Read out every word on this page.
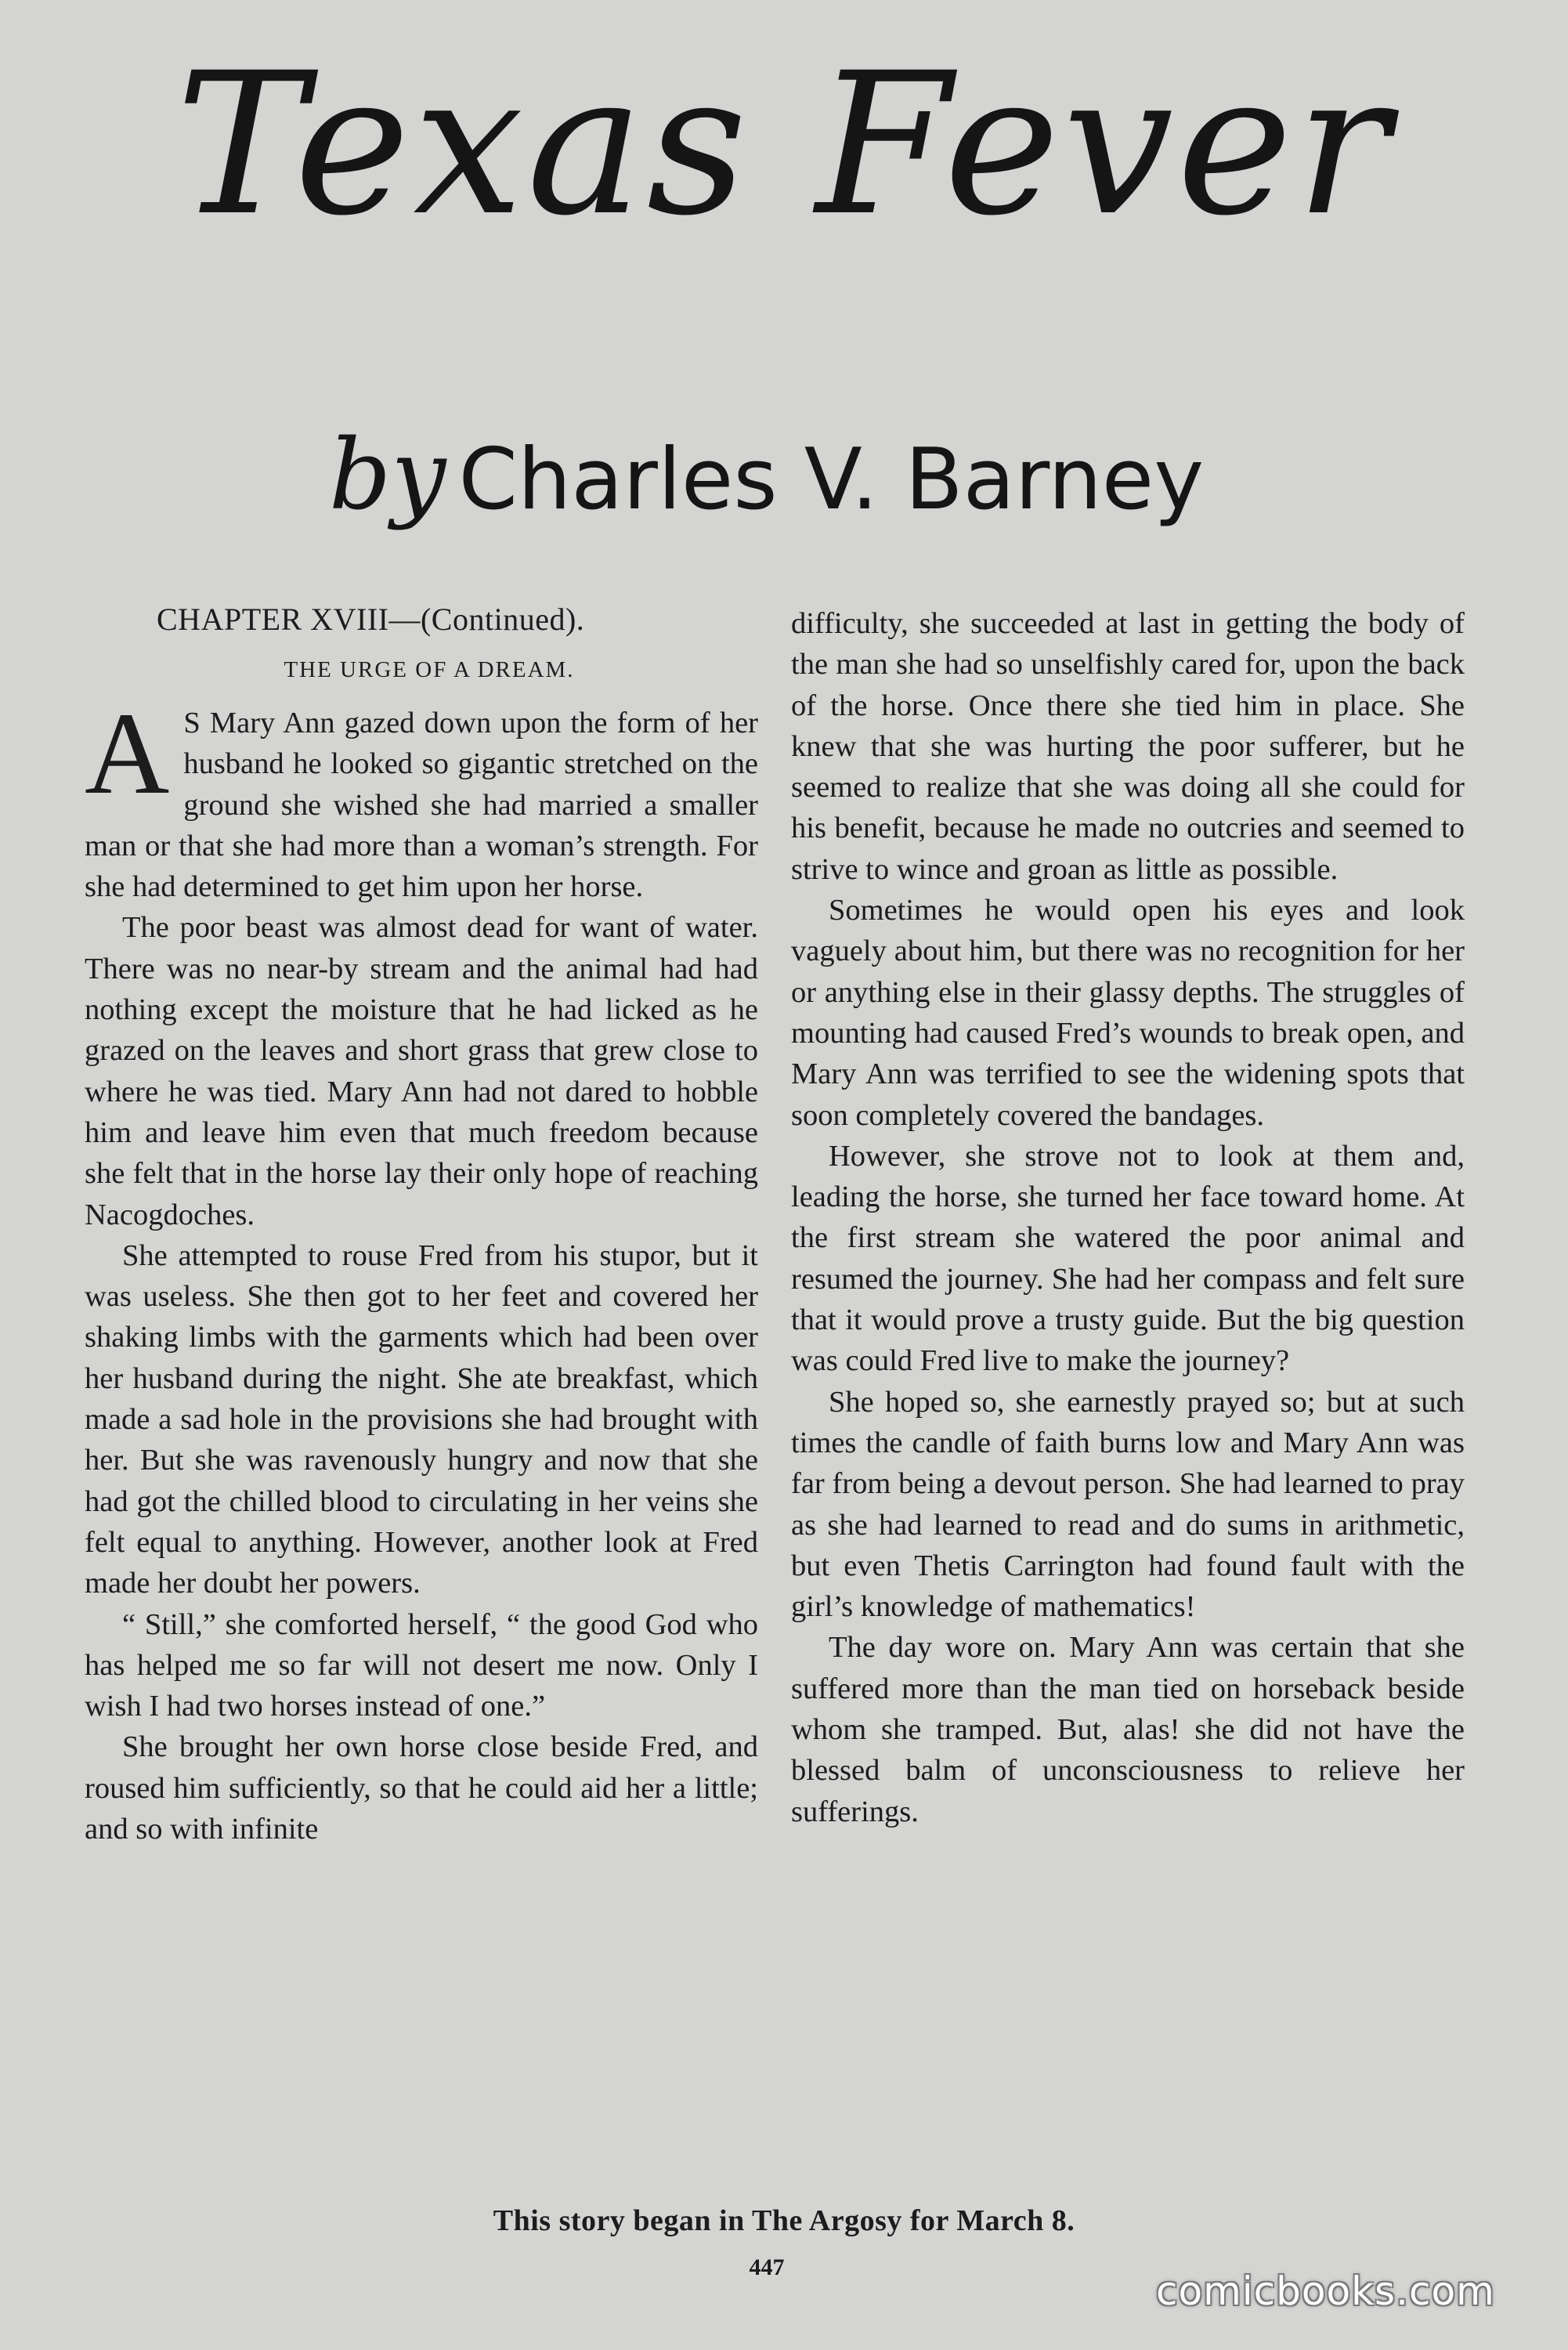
Texas Fever
by Charles V. Barney
CHAPTER XVIII—(Continued).
THE URGE OF A DREAM.

A S Mary Ann gazed down upon the form of her husband he looked so gigantic stretched on the ground she wished she had married a smaller man or that she had more than a woman’s strength. For she had determined to get him upon her horse.

The poor beast was almost dead for want of water. There was no near-by stream and the animal had had nothing except the moisture that he had licked as he grazed on the leaves and short grass that grew close to where he was tied. Mary Ann had not dared to hobble him and leave him even that much freedom because she felt that in the horse lay their only hope of reaching Nacogdoches.

She attempted to rouse Fred from his stupor, but it was useless. She then got to her feet and covered her shaking limbs with the garments which had been over her husband during the night. She ate breakfast, which made a sad hole in the provisions she had brought with her. But she was ravenously hungry and now that she had got the chilled blood to circulating in her veins she felt equal to anything. However, another look at Fred made her doubt her powers.

“ Still,” she comforted herself, “ the good God who has helped me so far will not desert me now. Only I wish I had two horses instead of one.”

She brought her own horse close beside Fred, and roused him sufficiently, so that he could aid her a little; and so with infinite

difficulty, she succeeded at last in getting the body of the man she had so unselfishly cared for, upon the back of the horse. Once there she tied him in place. She knew that she was hurting the poor sufferer, but he seemed to realize that she was doing all she could for his benefit, because he made no outcries and seemed to strive to wince and groan as little as possible.

Sometimes he would open his eyes and look vaguely about him, but there was no recognition for her or anything else in their glassy depths. The struggles of mounting had caused Fred’s wounds to break open, and Mary Ann was terrified to see the widening spots that soon completely covered the bandages.

However, she strove not to look at them and, leading the horse, she turned her face toward home. At the first stream she watered the poor animal and resumed the journey. She had her compass and felt sure that it would prove a trusty guide. But the big question was could Fred live to make the journey?

She hoped so, she earnestly prayed so; but at such times the candle of faith burns low and Mary Ann was far from being a devout person. She had learned to pray as she had learned to read and do sums in arithmetic, but even Thetis Carrington had found fault with the girl’s knowledge of mathematics!

The day wore on. Mary Ann was certain that she suffered more than the man tied on horseback beside whom she tramped. But, alas! she did not have the blessed balm of unconsciousness to relieve her sufferings.

This story began in The Argosy for March 8.
447
comicbooks.com
